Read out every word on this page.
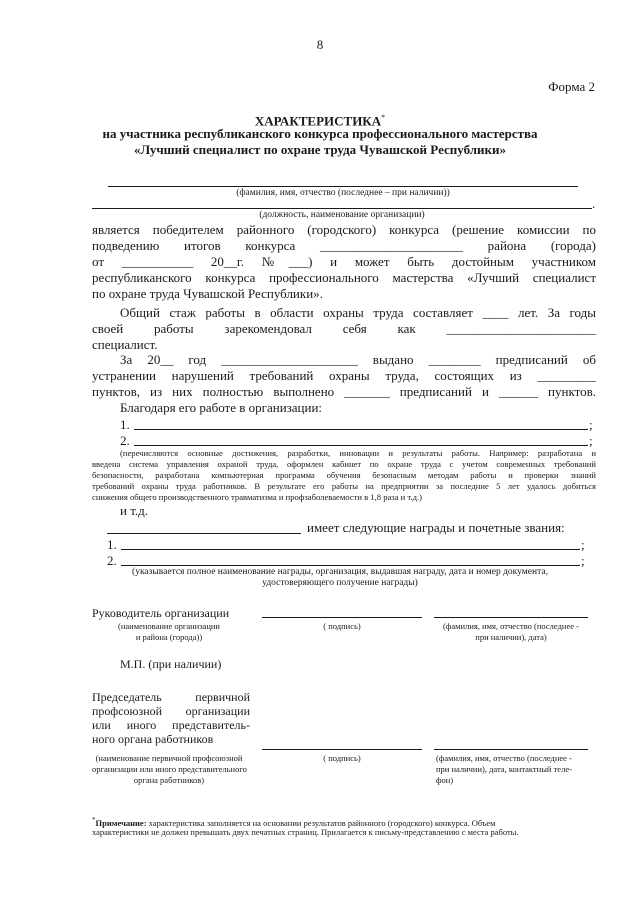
8
Форма 2
ХАРАКТЕРИСТИКА*
на участника республиканского конкурса профессионального мастерства
«Лучший специалист по охране труда Чувашской Республики»
(фамилия, имя, отчество (последнее – при наличии))
.
(должность, наименование организации)
является победителем районного (городского) конкурса (решение комиссии по
подведению итогов конкурса ______________________ района (города)
от ___________ 20__г. №___) и может быть достойным участником
республиканского конкурса профессионального мастерства «Лучший специалист
по охране труда Чувашской Республики».
Общий стаж работы в области охраны труда составляет ____ лет. За годы
своей работы зарекомендовал себя как _______________________
специалист.
За 20__ год _____________________ выдано ________ предписаний об
устранении нарушений требований охраны труда, состоящих из _________
пунктов, из них полностью выполнено _______ предписаний и ______ пунктов.
Благодаря его работе в организации:
1.	;
2.	;
(перечисляются основные достижения, разработки, инновации и результаты работы. Например: разработана и
введена система управления охраной труда, оформлен кабинет по охране труда с учетом современных требований
безопасности, разработана компьютерная программа обучения безопасным методам работы и проверки знаний
требований охраны труда работников. В результате его работы на предприятии за последние 5 лет удалось добиться
снижения общего производственного травматизма и профзаболеваемости в 1,8 раза и т.д.)
и т.д.
имеет следующие награды и почетные звания:
1.	;
2.	;
(указывается полное наименование награды, организация, выдавшая награду, дата и номер документа,
удостоверяющего получение награды)
Руководитель организации
(наименование организации
и района (города))
( подпись)	(фамилия, имя, отчество (последнее -
при наличии), дата)
М.П. (при наличии)
Председатель первичной
профсоюзной организации
или иного представитель-
ного органа работников
(наименование первичной профсоюзной
организации или иного представительного
органа работников)
( подпись)	(фамилия, имя, отчество (последнее -
при наличии), дата, контактный теле-
фон)
*Примечание: характеристика заполняется на основании результатов районного (городского) конкурса. Объем
характеристики не должен превышать двух печатных страниц. Прилагается к письму-представлению с места работы.
